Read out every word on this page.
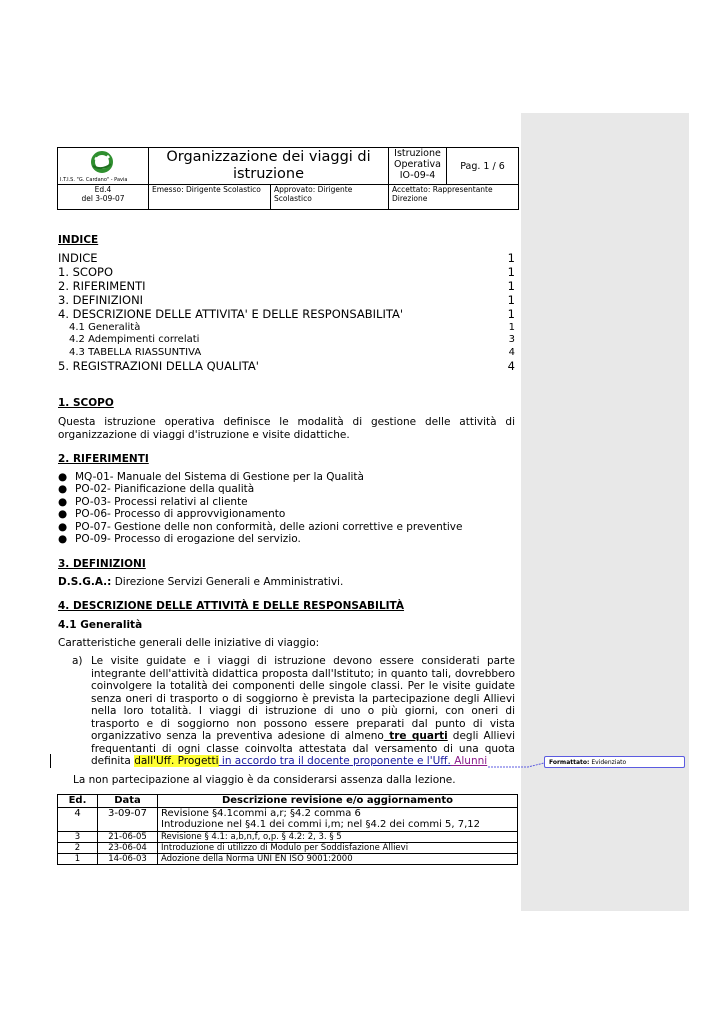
I.T.I.S. "G. Cardano" - Pavia	Organizzazione dei viaggi di istruzione		Istruzione
Operativa
IO-09-4	Pag. 1 / 6

Ed.4
del 3-09-07	Emesso: Dirigente Scolastico	Approvato: Dirigente Scolastico	Accettato: Rappresentante Direzione	
INDICE
INDICE	1
1. SCOPO	1
2. RIFERIMENTI	1
3. DEFINIZIONI	1
4. DESCRIZIONE DELLE ATTIVITA' E DELLE RESPONSABILITA'	1
4.1 Generalità	1
4.2 Adempimenti correlati	3
4.3 TABELLA RIASSUNTIVA	4
5. REGISTRAZIONI DELLA QUALITA'	4
1. SCOPO
Questa istruzione operativa definisce le modalità di gestione delle attività di organizzazione di viaggi d'istruzione e visite didattiche.
2. RIFERIMENTI
● MQ-01- Manuale del Sistema di Gestione per la Qualità
● PO-02- Pianificazione della qualità
● PO-03- Processi relativi al cliente
● PO-06- Processo di approvvigionamento
● PO-07- Gestione delle non conformità, delle azioni correttive e preventive
● PO-09- Processo di erogazione del servizio.
3. DEFINIZIONI
D.S.G.A.: Direzione Servizi Generali e Amministrativi.
4. DESCRIZIONE DELLE ATTIVITÀ E DELLE RESPONSABILITÀ
4.1 Generalità
Caratteristiche generali delle iniziative di viaggio:
a) Le visite guidate e i viaggi di istruzione devono essere considerati parte
integrante dell'attività didattica proposta dall'Istituto; in quanto tali, dovrebbero
coinvolgere la totalità dei componenti delle singole classi. Per le visite guidate
senza oneri di trasporto o di soggiorno è prevista la partecipazione degli Allievi
nella loro totalità. I viaggi di istruzione di uno o più giorni, con oneri di
trasporto e di soggiorno non possono essere preparati dal punto di vista
organizzativo senza la preventiva adesione di almeno tre quarti degli Allievi
frequentanti di ogni classe coinvolta attestata dal versamento di una quota
definita dall'Uff. Progetti in accordo tra il docente proponente e l'Uff. Alunni	Formattato: Evidenziato
La non partecipazione al viaggio è da considerarsi assenza dalla lezione.
Ed.	Data	Descrizione revisione e/o aggiornamento
4	3-09-07	Revisione §4.1commi a,r; §4.2 comma 6
Introduzione nel §4.1 dei commi i,m; nel §4.2 dei commi 5, 7,12

3	21-06-05	Revisione § 4.1: a,b,n,f, o,p. § 4.2: 2, 3. § 5
2	23-06-04	Introduzione di utilizzo di Modulo per Soddisfazione Allievi
1	14-06-03	Adozione della Norma UNI EN ISO 9001:2000
